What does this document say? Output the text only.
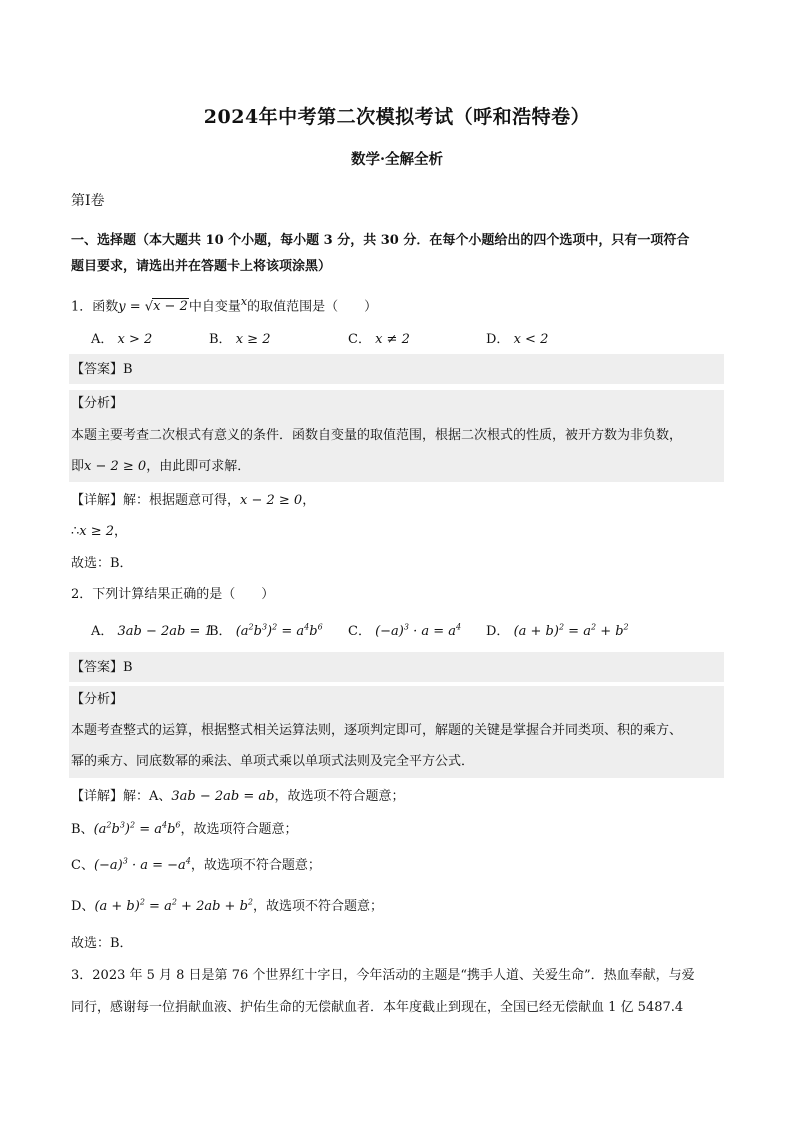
2024年中考第二次模拟考试（呼和浩特卷）
数学·全解全析
第Ⅰ卷
一、选择题（本大题共 10 个小题，每小题 3 分，共 30 分．在每个小题给出的四个选项中，只有一项符合
题目要求，请选出并在答题卡上将该项涂黑）
1．函数y = √x − 2中自变量$^x$的取值范围是（　　）
A． x > 2	B． x ≥ 2	C． x ≠ 2	D． x < 2
【答案】B
【分析】
本题主要考查二次根式有意义的条件．函数自变量的取值范围，根据二次根式的性质，被开方数为非负数，
即x − 2 ≥ 0，由此即可求解．
【详解】解：根据题意可得，x − 2 ≥ 0，
∴x ≥ 2，
故选：B．
2．下列计算结果正确的是（　　）
A． 3ab − 2ab = 1
B． $(a^2b^3)^2 = a^4b^6$ C． $(-a)^3 \cdot a = a^4$ D． $(a + b)^2 = a^2 + b^2$
【答案】B
【分析】
本题考查整式的运算，根据整式相关运算法则，逐项判定即可，解题的关键是掌握合并同类项、积的乘方、
幂的乘方、同底数幂的乘法、单项式乘以单项式法则及完全平方公式．
【详解】解：A、3ab − 2ab = ab，故选项不符合题意；
B、$(a^2b^3)^2 = a^4b^6$，故选项符合题意；
C、$(-a)^3 \cdot a = -a^4$，故选项不符合题意；
D、$(a + b)^2 = a^2 + 2ab + b^2$，故选项不符合题意；
故选：B．
3．2023 年 5 月 8 日是第 76 个世界红十字日，今年活动的主题是“携手人道、关爱生命”．热血奉献，与爱
同行，感谢每一位捐献血液、护佑生命的无偿献血者．本年度截止到现在，全国已经无偿献血 1 亿 5487.4
